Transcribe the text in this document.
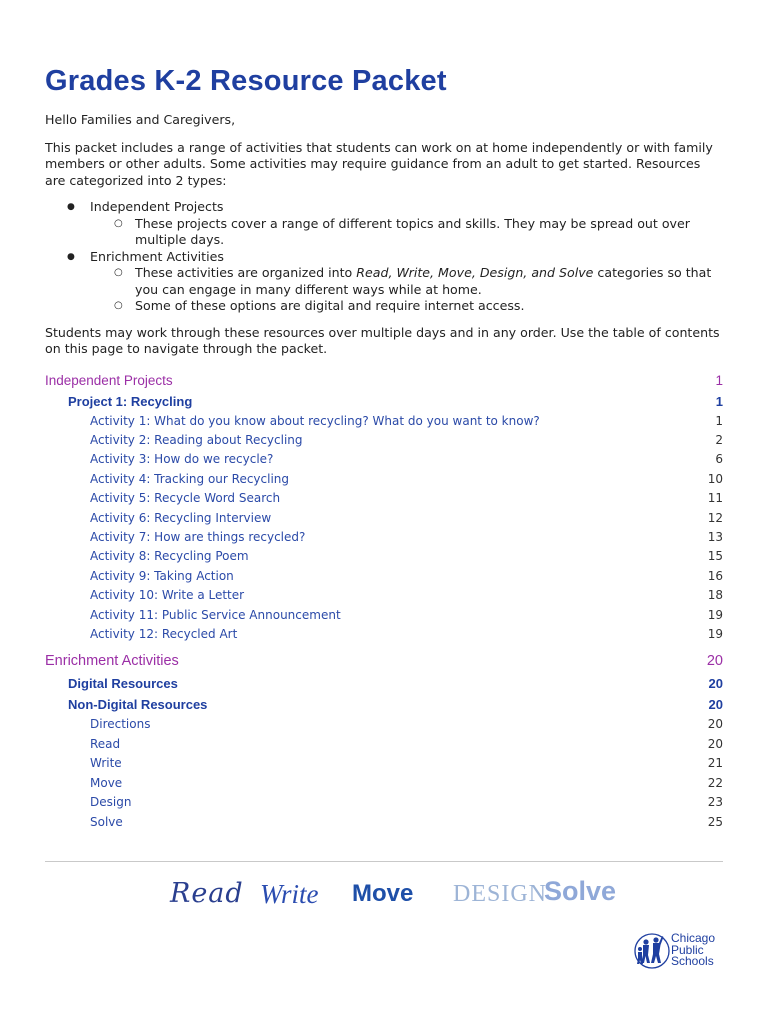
Grades K-2 Resource Packet

Hello Families and Caregivers,

This packet includes a range of activities that students can work on at home independently or with family members or other adults. Some activities may require guidance from an adult to get started. Resources are categorized into 2 types:

● Independent Projects
○ These projects cover a range of different topics and skills. They may be spread out over multiple days.
● Enrichment Activities
○ These activities are organized into Read, Write, Move, Design, and Solve categories so that you can engage in many different ways while at home.
○ Some of these options are digital and require internet access.

Students may work through these resources over multiple days and in any order. Use the table of contents on this page to navigate through the packet.

Independent Projects	1
Project 1: Recycling	1
Activity 1: What do you know about recycling? What do you want to know?	1
Activity 2: Reading about Recycling	2
Activity 3: How do we recycle?	6
Activity 4: Tracking our Recycling	10
Activity 5: Recycle Word Search	11
Activity 6: Recycling Interview	12
Activity 7: How are things recycled?	13
Activity 8: Recycling Poem	15
Activity 9: Taking Action	16
Activity 10: Write a Letter	18
Activity 11: Public Service Announcement	19
Activity 12: Recycled Art	19
Enrichment Activities	20
Digital Resources	20
Non-Digital Resources	20
Directions	20
Read	20
Write	21
Move	22
Design	23
Solve	25
Read Write Move DESIGN
Solve
Chicago
Public
Schools
